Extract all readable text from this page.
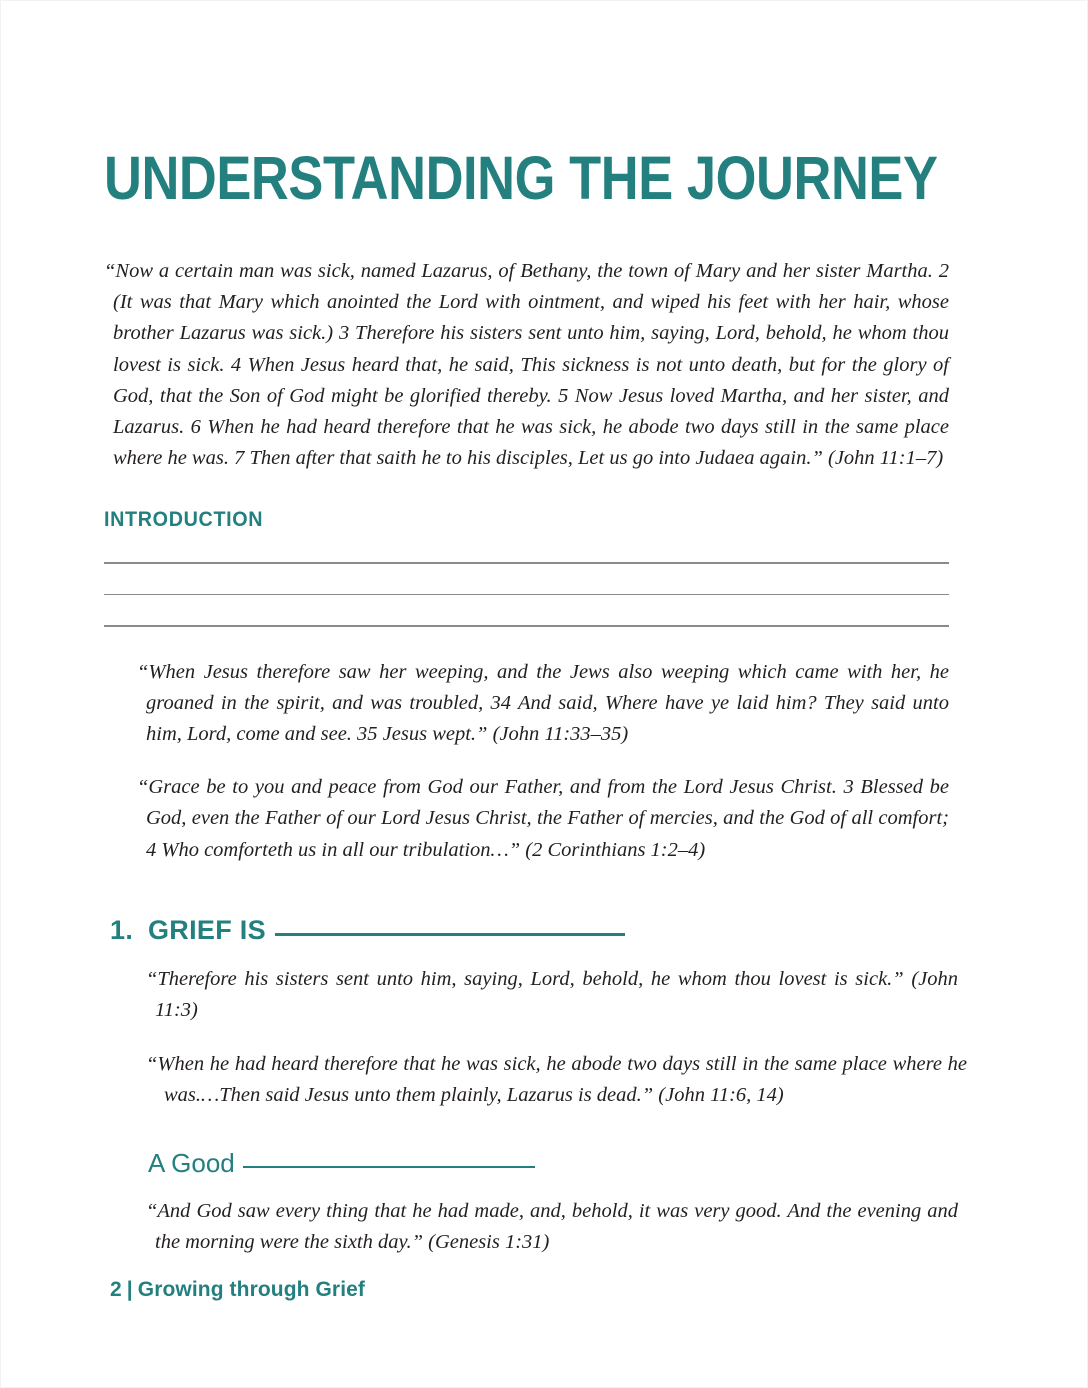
UNDERSTANDING THE JOURNEY

“Now a certain man was sick, named Lazarus, of Bethany, the town of Mary and her sister Martha. 2 (It was that Mary which anointed the Lord with ointment, and wiped his feet with her hair, whose brother Lazarus was sick.) 3 Therefore his sisters sent unto him, saying, Lord, behold, he whom thou lovest is sick. 4 When Jesus heard that, he said, This sickness is not unto death, but for the glory of God, that the Son of God might be glorified thereby. 5 Now Jesus loved Martha, and her sister, and Lazarus. 6 When he had heard therefore that he was sick, he abode two days still in the same place where he was. 7 Then after that saith he to his disciples, Let us go into Judaea again.” (John 11:1–7)

INTRODUCTION

“When Jesus therefore saw her weeping, and the Jews also weeping which came with her, he groaned in the spirit, and was troubled, 34 And said, Where have ye laid him? They said unto him, Lord, come and see. 35 Jesus wept.” (John 11:33–35)

“Grace be to you and peace from God our Father, and from the Lord Jesus Christ. 3 Blessed be God, even the Father of our Lord Jesus Christ, the Father of mercies, and the God of all comfort; 4 Who comforteth us in all our tribulation…” (2 Corinthians 1:2–4)

1. GRIEF IS

“Therefore his sisters sent unto him, saying, Lord, behold, he whom thou lovest is sick.” (John 11:3)

“When he had heard therefore that he was sick, he abode two days still in the same place where he was.…Then said Jesus unto them plainly, Lazarus is dead.” (John 11:6, 14)

A Good

“And God saw every thing that he had made, and, behold, it was very good. And the evening and the morning were the sixth day.” (Genesis 1:31)

2 | Growing through Grief
